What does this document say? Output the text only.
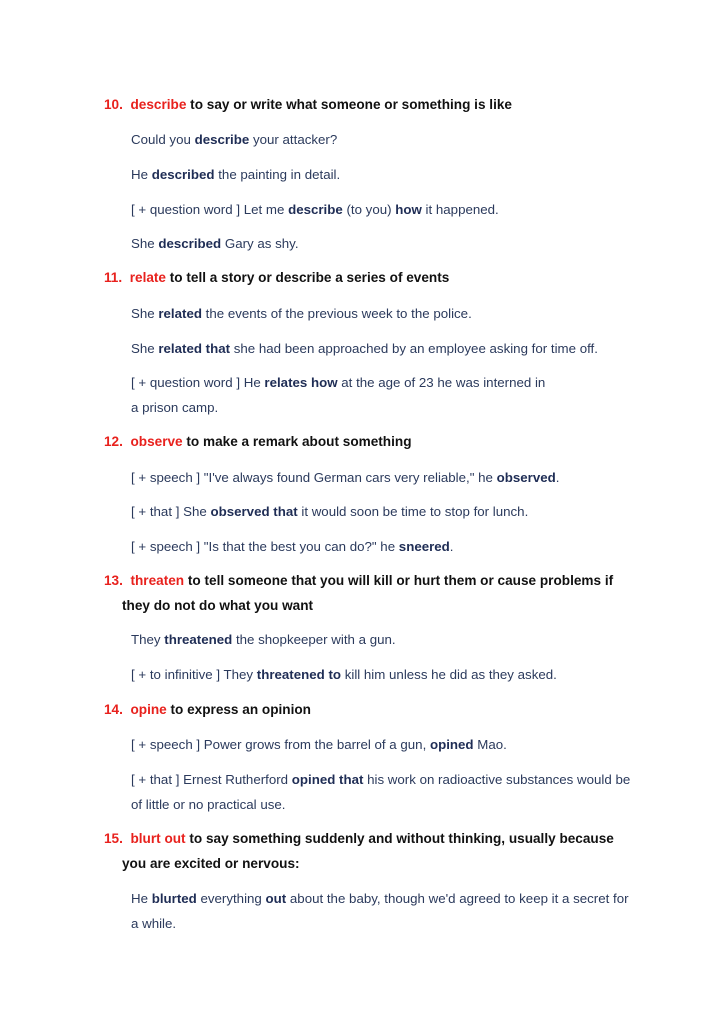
10. describe to say or write what someone or something is like
Could you describe your attacker?
He described the painting in detail.
[ + question word ] Let me describe (to you) how it happened.
She described Gary as shy.
11. relate to tell a story or describe a series of events
She related the events of the previous week to the police.
She related that she had been approached by an employee asking for time off.
[ + question word ] He relates how at the age of 23 he was interned in
a prison camp.
12. observe to make a remark about something
[ + speech ] "I've always found German cars very reliable," he observed.
[ + that ] She observed that it would soon be time to stop for lunch.
[ + speech ] "Is that the best you can do?" he sneered.
13. threaten to tell someone that you will kill or hurt them or cause problems if
they do not do what you want
They threatened the shopkeeper with a gun.
[ + to infinitive ] They threatened to kill him unless he did as they asked.
14. opine to express an opinion
[ + speech ] Power grows from the barrel of a gun, opined Mao.
[ + that ] Ernest Rutherford opined that his work on radioactive substances would be
of little or no practical use.
15. blurt out to say something suddenly and without thinking, usually because
you are excited or nervous:
He blurted everything out about the baby, though we'd agreed to keep it a secret for
a while.
